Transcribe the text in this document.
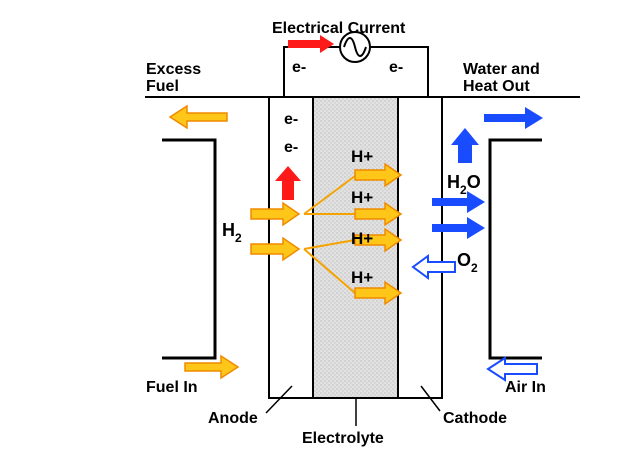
Electrical Current
e-	e-
Excess
Fuel
Water and
Heat Out
e-
e-
$H_2$
H+
H+
H+
H+
$H_2O$
$O_2$
Fuel In	Air In
Anode
Electrolyte
Cathode
